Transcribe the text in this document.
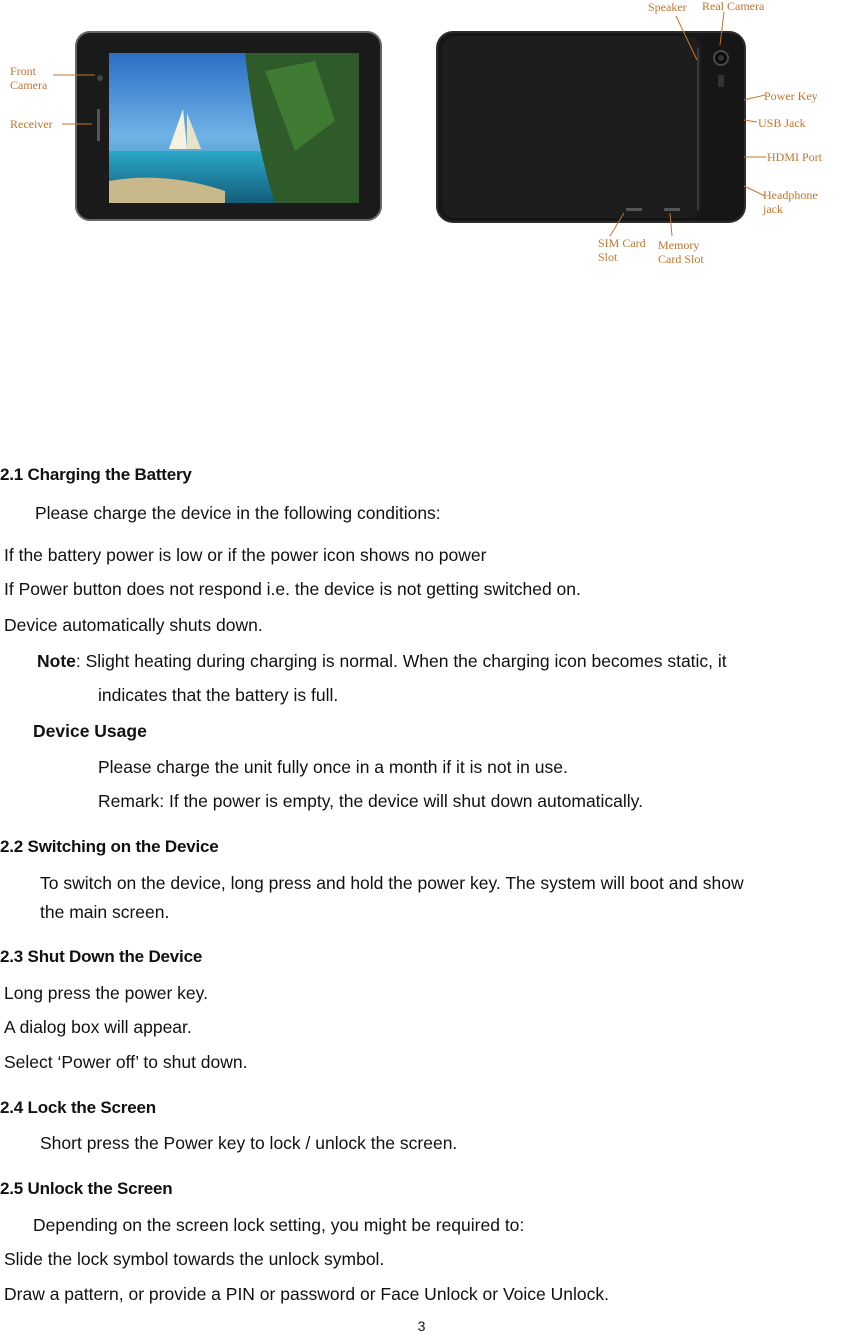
Front
Camera
Receiver
Speaker Real Camera
Power Key
USB Jack
HDMI Port
Headphone
jack
SIM Card
Slot
Memory
Card Slot
2.1 Charging the Battery
Please charge the device in the following conditions:
If the battery power is low or if the power icon shows no power
If Power button does not respond i.e. the device is not getting switched on.
Device automatically shuts down.
Note: Slight heating during charging is normal. When the charging icon becomes static, it
indicates that the battery is full.
Device Usage
Please charge the unit fully once in a month if it is not in use.
Remark: If the power is empty, the device will shut down automatically.
2.2 Switching on the Device
To switch on the device, long press and hold the power key. The system will boot and show
the main screen.
2.3 Shut Down the Device
Long press the power key.
A dialog box will appear.
Select ‘Power off’ to shut down.
2.4 Lock the Screen
Short press the Power key to lock / unlock the screen.
2.5 Unlock the Screen
Depending on the screen lock setting, you might be required to:
Slide the lock symbol towards the unlock symbol.
Draw a pattern, or provide a PIN or password or Face Unlock or Voice Unlock.
3
